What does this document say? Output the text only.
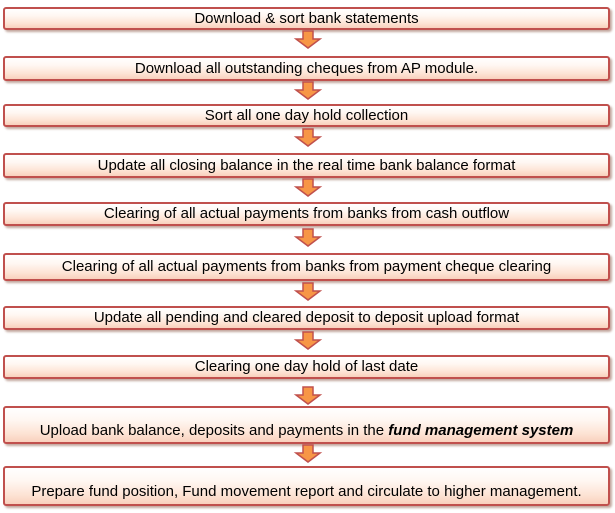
Download & sort bank statements
Download all outstanding cheques from AP module.
Sort all one day hold collection
Update all closing balance in the real time bank balance format
Clearing of all actual payments from banks from cash outflow
Clearing of all actual payments from banks from payment cheque clearing
Update all pending and cleared deposit to deposit upload format
Clearing one day hold of last date
Upload bank balance, deposits and payments in the fund management system
Prepare fund position, Fund movement report and circulate to higher management.
